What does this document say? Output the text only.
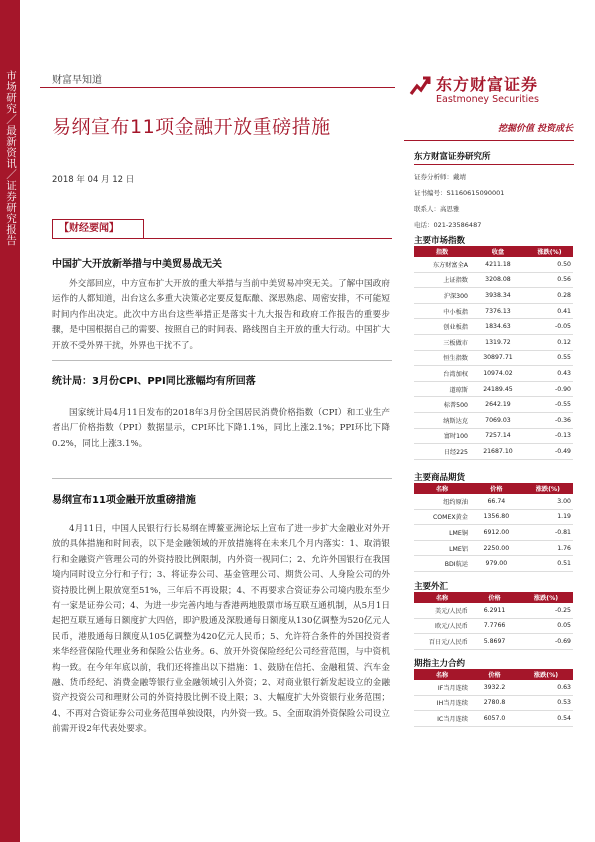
市场研究／最新资讯／证券研究报告	财富早知道
易纲宣布11项金融开放重磅措施
东方财富证券
Eastmoney Securities
挖掘价值 投资成长
2018 年 04 月 12 日
【财经要闻】
中国扩大开放新举措与中美贸易战无关
外交部回应，中方宣布扩大开放的重大举措与当前中美贸易冲突无关。了解中国政府运作的人都知道，出台这么多重大决策必定要反复酝酿、深思熟虑、周密安排，不可能短时间内作出决定。此次中方出台这些举措正是落实十九大报告和政府工作报告的重要步骤，是中国根据自己的需要、按照自己的时间表、路线图自主开放的重大行动。中国扩大开放不受外界干扰，外界也干扰不了。
统计局：3月份CPI、PPI同比涨幅均有所回落
国家统计局4月11日发布的2018年3月份全国居民消费价格指数（CPI）和工业生产者出厂价格指数（PPI）数据显示，CPI环比下降1.1%，同比上涨2.1%；PPI环比下降0.2%，同比上涨3.1%。
易纲宣布11项金融开放重磅措施
4月11日，中国人民银行行长易纲在博鳌亚洲论坛上宣布了进一步扩大金融业对外开放的具体措施和时间表，以下是金融领域的开放措施将在未来几个月内落实：1、取消银行和金融资产管理公司的外资持股比例限制，内外资一视同仁；2、允许外国银行在我国境内同时设立分行和子行；3、将证券公司、基金管理公司、期货公司、人身险公司的外资持股比例上限放宽至51%，三年后不再设限；4、不再要求合资证券公司境内股东至少有一家是证券公司；4、为进一步完善内地与香港两地股票市场互联互通机制，从5月1日起把互联互通每日额度扩大四倍，即沪股通及深股通每日额度从130亿调整为520亿元人民币，港股通每日额度从105亿调整为420亿元人民币；5、允许符合条件的外国投资者来华经营保险代理业务和保险公估业务。6、放开外资保险经纪公司经营范围，与中资机构一致。在今年年底以前，我们还将推出以下措施：1、鼓励在信托、金融租赁、汽车金融、货币经纪、消费金融等银行业金融领域引入外资；2、对商业银行新发起设立的金融资产投资公司和理财公司的外资持股比例不设上限；3、大幅度扩大外资银行业务范围；4、不再对合资证券公司业务范围单独设限，内外资一致。5、全面取消外资保险公司设立前需开设2年代表处要求。
东方财富证券研究所
证券分析师：戴靖
证书编号：S1160615090001
联系人：高思雅
电话：021-23586487
主要市场指数
指数	收盘	涨跌(%)
东方财富全A	4211.18	0.50
上证指数	3208.08	0.56
沪深300	3938.34	0.28
中小板指	7376.13	0.41
创业板指	1834.63	-0.05
三板做市	1319.72	0.12
恒生指数	30897.71	0.55
台湾加权	10974.02	0.43
道琼斯	24189.45	-0.90
标普500	2642.19	-0.55
纳斯达克	7069.03	-0.36
富时100	7257.14	-0.13
日经225	21687.10	-0.49
主要商品期货
名称	价格	涨跌(%)
纽约原油	66.74	3.00
COMEX黄金	1356.80	1.19
LME铜	6912.00	-0.81
LME铝	2250.00	1.76
BDI航运	979.00	0.51
主要外汇
名称	价格	涨跌(%)
美元/人民币	6.2911	-0.25
欧元/人民币	7.7766	0.05
百日元/人民币	5.8697	-0.69
期指主力合约
名称	价格	涨跌(%)
IF当月连续	3932.2	0.63
IH当月连续	2780.8	0.53
IC当月连续	6057.0	0.54
